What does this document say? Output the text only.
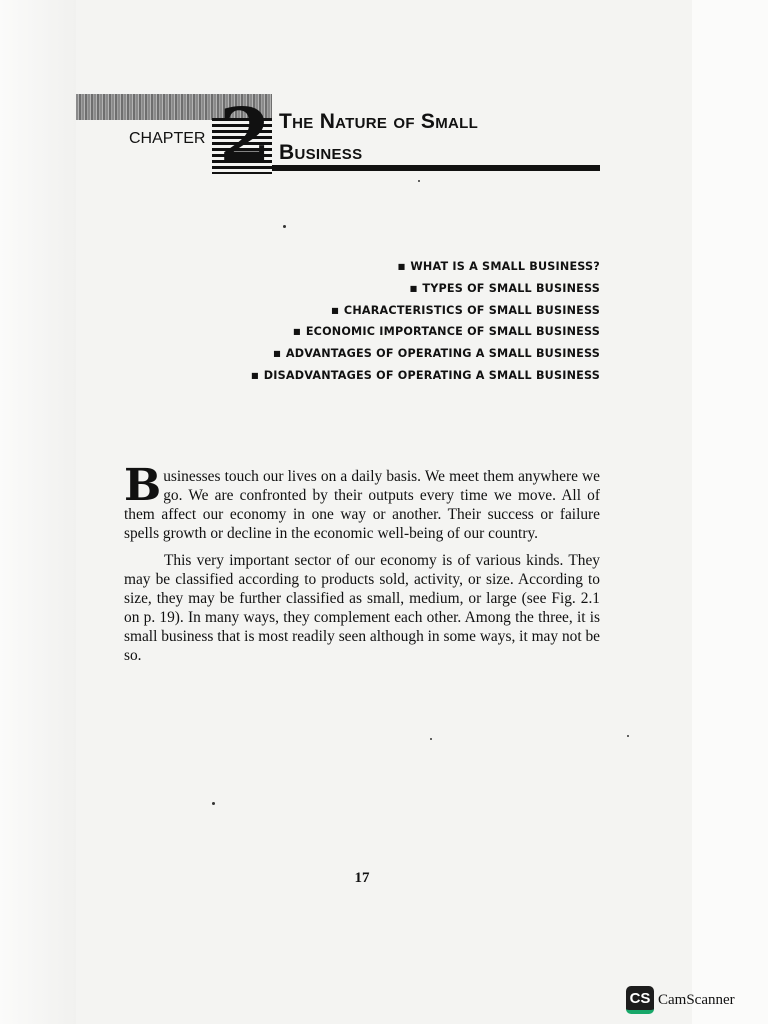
CHAPTER 2 The Nature of Small
Business
■ WHAT IS A SMALL BUSINESS?
■ TYPES OF SMALL BUSINESS
■ CHARACTERISTICS OF SMALL BUSINESS
■ ECONOMIC IMPORTANCE OF SMALL BUSINESS
■ ADVANTAGES OF OPERATING A SMALL BUSINESS
■ DISADVANTAGES OF OPERATING A SMALL BUSINESS

Businesses touch our lives on a daily basis. We meet them anywhere we go. We are confronted by their outputs every time we move. All of them affect our economy in one way or another. Their success or failure spells growth or decline in the economic well-being of our country.

This very important sector of our economy is of various kinds. They may be classified according to products sold, activity, or size. According to size, they may be further classified as small, medium, or large (see Fig. 2.1 on p. 19). In many ways, they complement each other. Among the three, it is small business that is most readily seen although in some ways, it may not be so.

17
CS CamScanner
